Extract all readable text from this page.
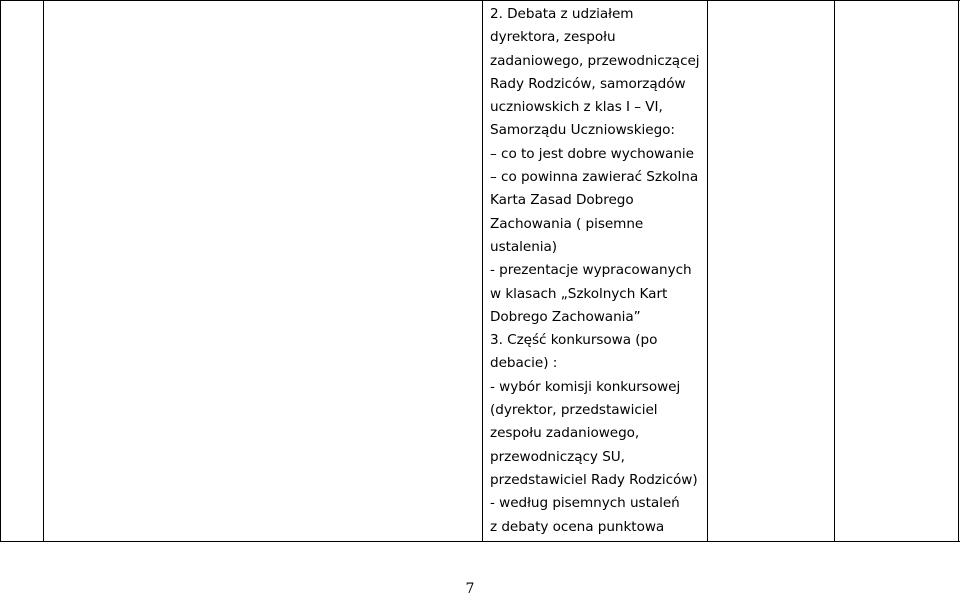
2. Debata z udziałem
dyrektora, zespołu
zadaniowego, przewodniczącej
Rady Rodziców, samorządów
uczniowskich z klas I – VI,
Samorządu Uczniowskiego:
– co to jest dobre wychowanie
– co powinna zawierać Szkolna
Karta Zasad Dobrego
Zachowania ( pisemne
ustalenia)
- prezentacje wypracowanych
w klasach „Szkolnych Kart
Dobrego Zachowania”
3. Część konkursowa (po
debacie) :
- wybór komisji konkursowej
(dyrektor, przedstawiciel
zespołu zadaniowego,
przewodniczący SU,
przedstawiciel Rady Rodziców)
- według pisemnych ustaleń
z debaty ocena punktowa
7
